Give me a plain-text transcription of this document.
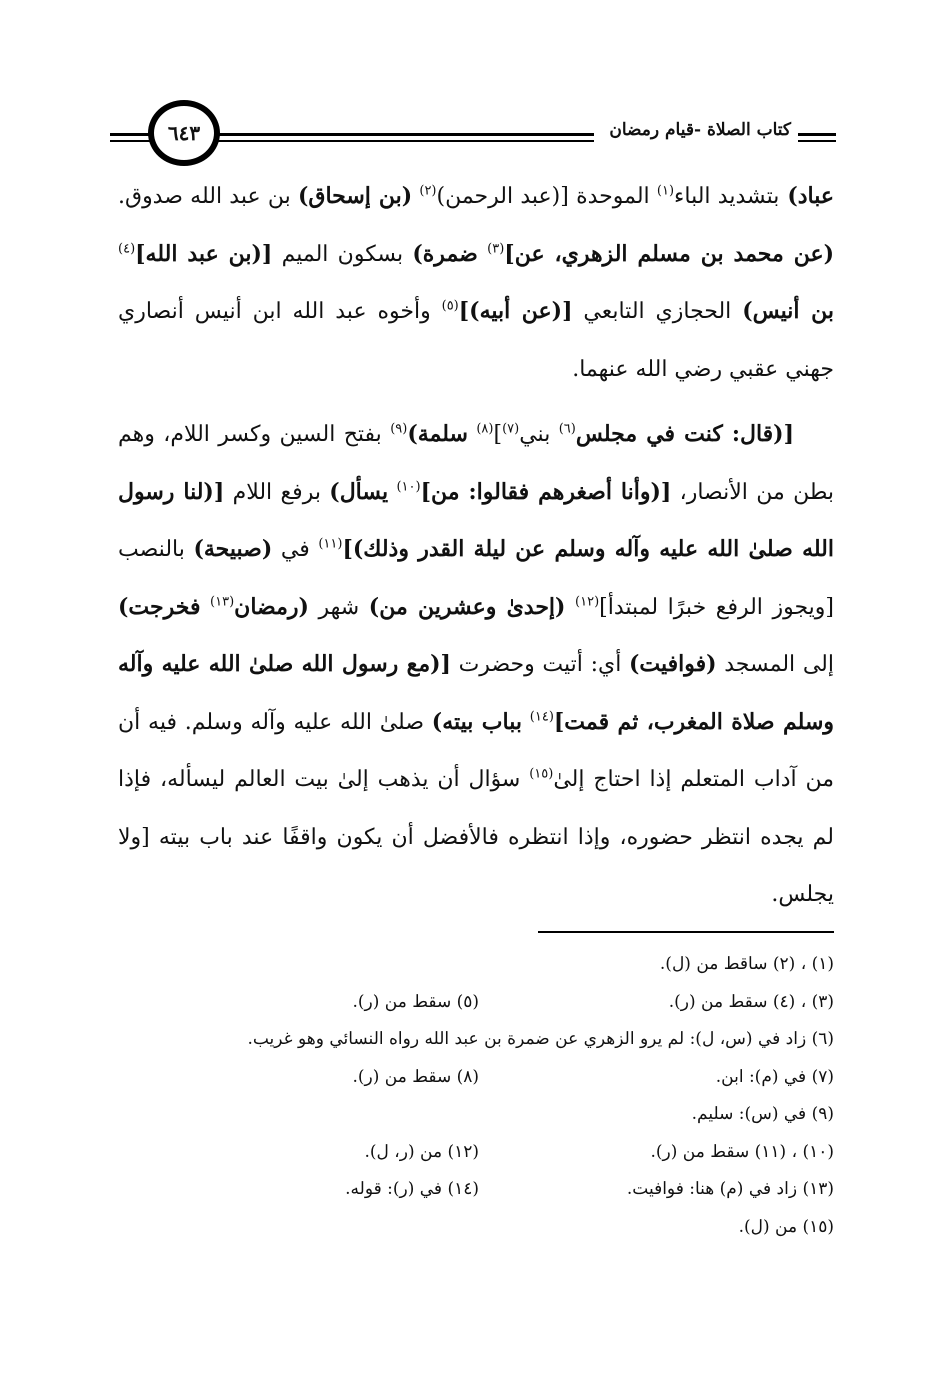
كتاب الصلاة -قيام رمضان
٦٤٣

عباد) بتشديد الباء$^{(١)}$ الموحدة [(عبد الرحمن)$^{(٢)}$ (بن إسحاق) بن عبد الله صدوق. (عن محمد بن مسلم الزهري، عن]$^{(٣)}$ ضمرة) بسكون الميم [(بن عبد الله]$^{(٤)}$ بن أنيس) الحجازي التابعي [(عن أبيه)]$^{(٥)}$ وأخوه عبد الله ابن أنيس أنصاري جهني عقبي رضي الله عنهما.

[(قال: كنت في مجلس$^{(٦)}$ بني$^{(٧)}$]$^{(٨)}$ سلمة)$^{(٩)}$ بفتح السين وكسر اللام، وهم بطن من الأنصار، [(وأنا أصغرهم فقالوا: من]$^{(١٠)}$ يسأل) برفع اللام [(لنا رسول الله صلىٰ الله عليه وآله وسلم عن ليلة القدر وذلك)]$^{(١١)}$ في (صبيحة) بالنصب [ويجوز الرفع خبرًا لمبتدأ]$^{(١٢)}$ (إحدىٰ وعشرين من) شهر (رمضان$^{(١٣)}$ فخرجت) إلى المسجد (فوافيت) أي: أتيت وحضرت [(مع رسول الله صلىٰ الله عليه وآله وسلم صلاة المغرب، ثم قمت]$^{(١٤)}$ بباب بيته) صلىٰ الله عليه وآله وسلم. فيه أن من آداب المتعلم إذا احتاج إلىٰ$^{(١٥)}$ سؤال أن يذهب إلىٰ بيت العالم ليسأله، فإذا لم يجده انتظر حضوره، وإذا انتظره فالأفضل أن يكون واقفًا عند باب بيته [ولا يجلس.

(١) ، (٢) ساقط من (ل).
(٣) ، (٤) سقط من (ر).
(٥) سقط من (ر).
(٦) زاد في (س، ل): لم يرو الزهري عن ضمرة بن عبد الله رواه النسائي وهو غريب.
(٧) في (م): ابن.
(٨) سقط من (ر).
(٩) في (س): سليم.
(١٠) ، (١١) سقط من (ر).
(١٢) من (ر، ل).
(١٣) زاد في (م) هنا: فوافيت.
(١٤) في (ر): قوله.
(١٥) من (ل).
